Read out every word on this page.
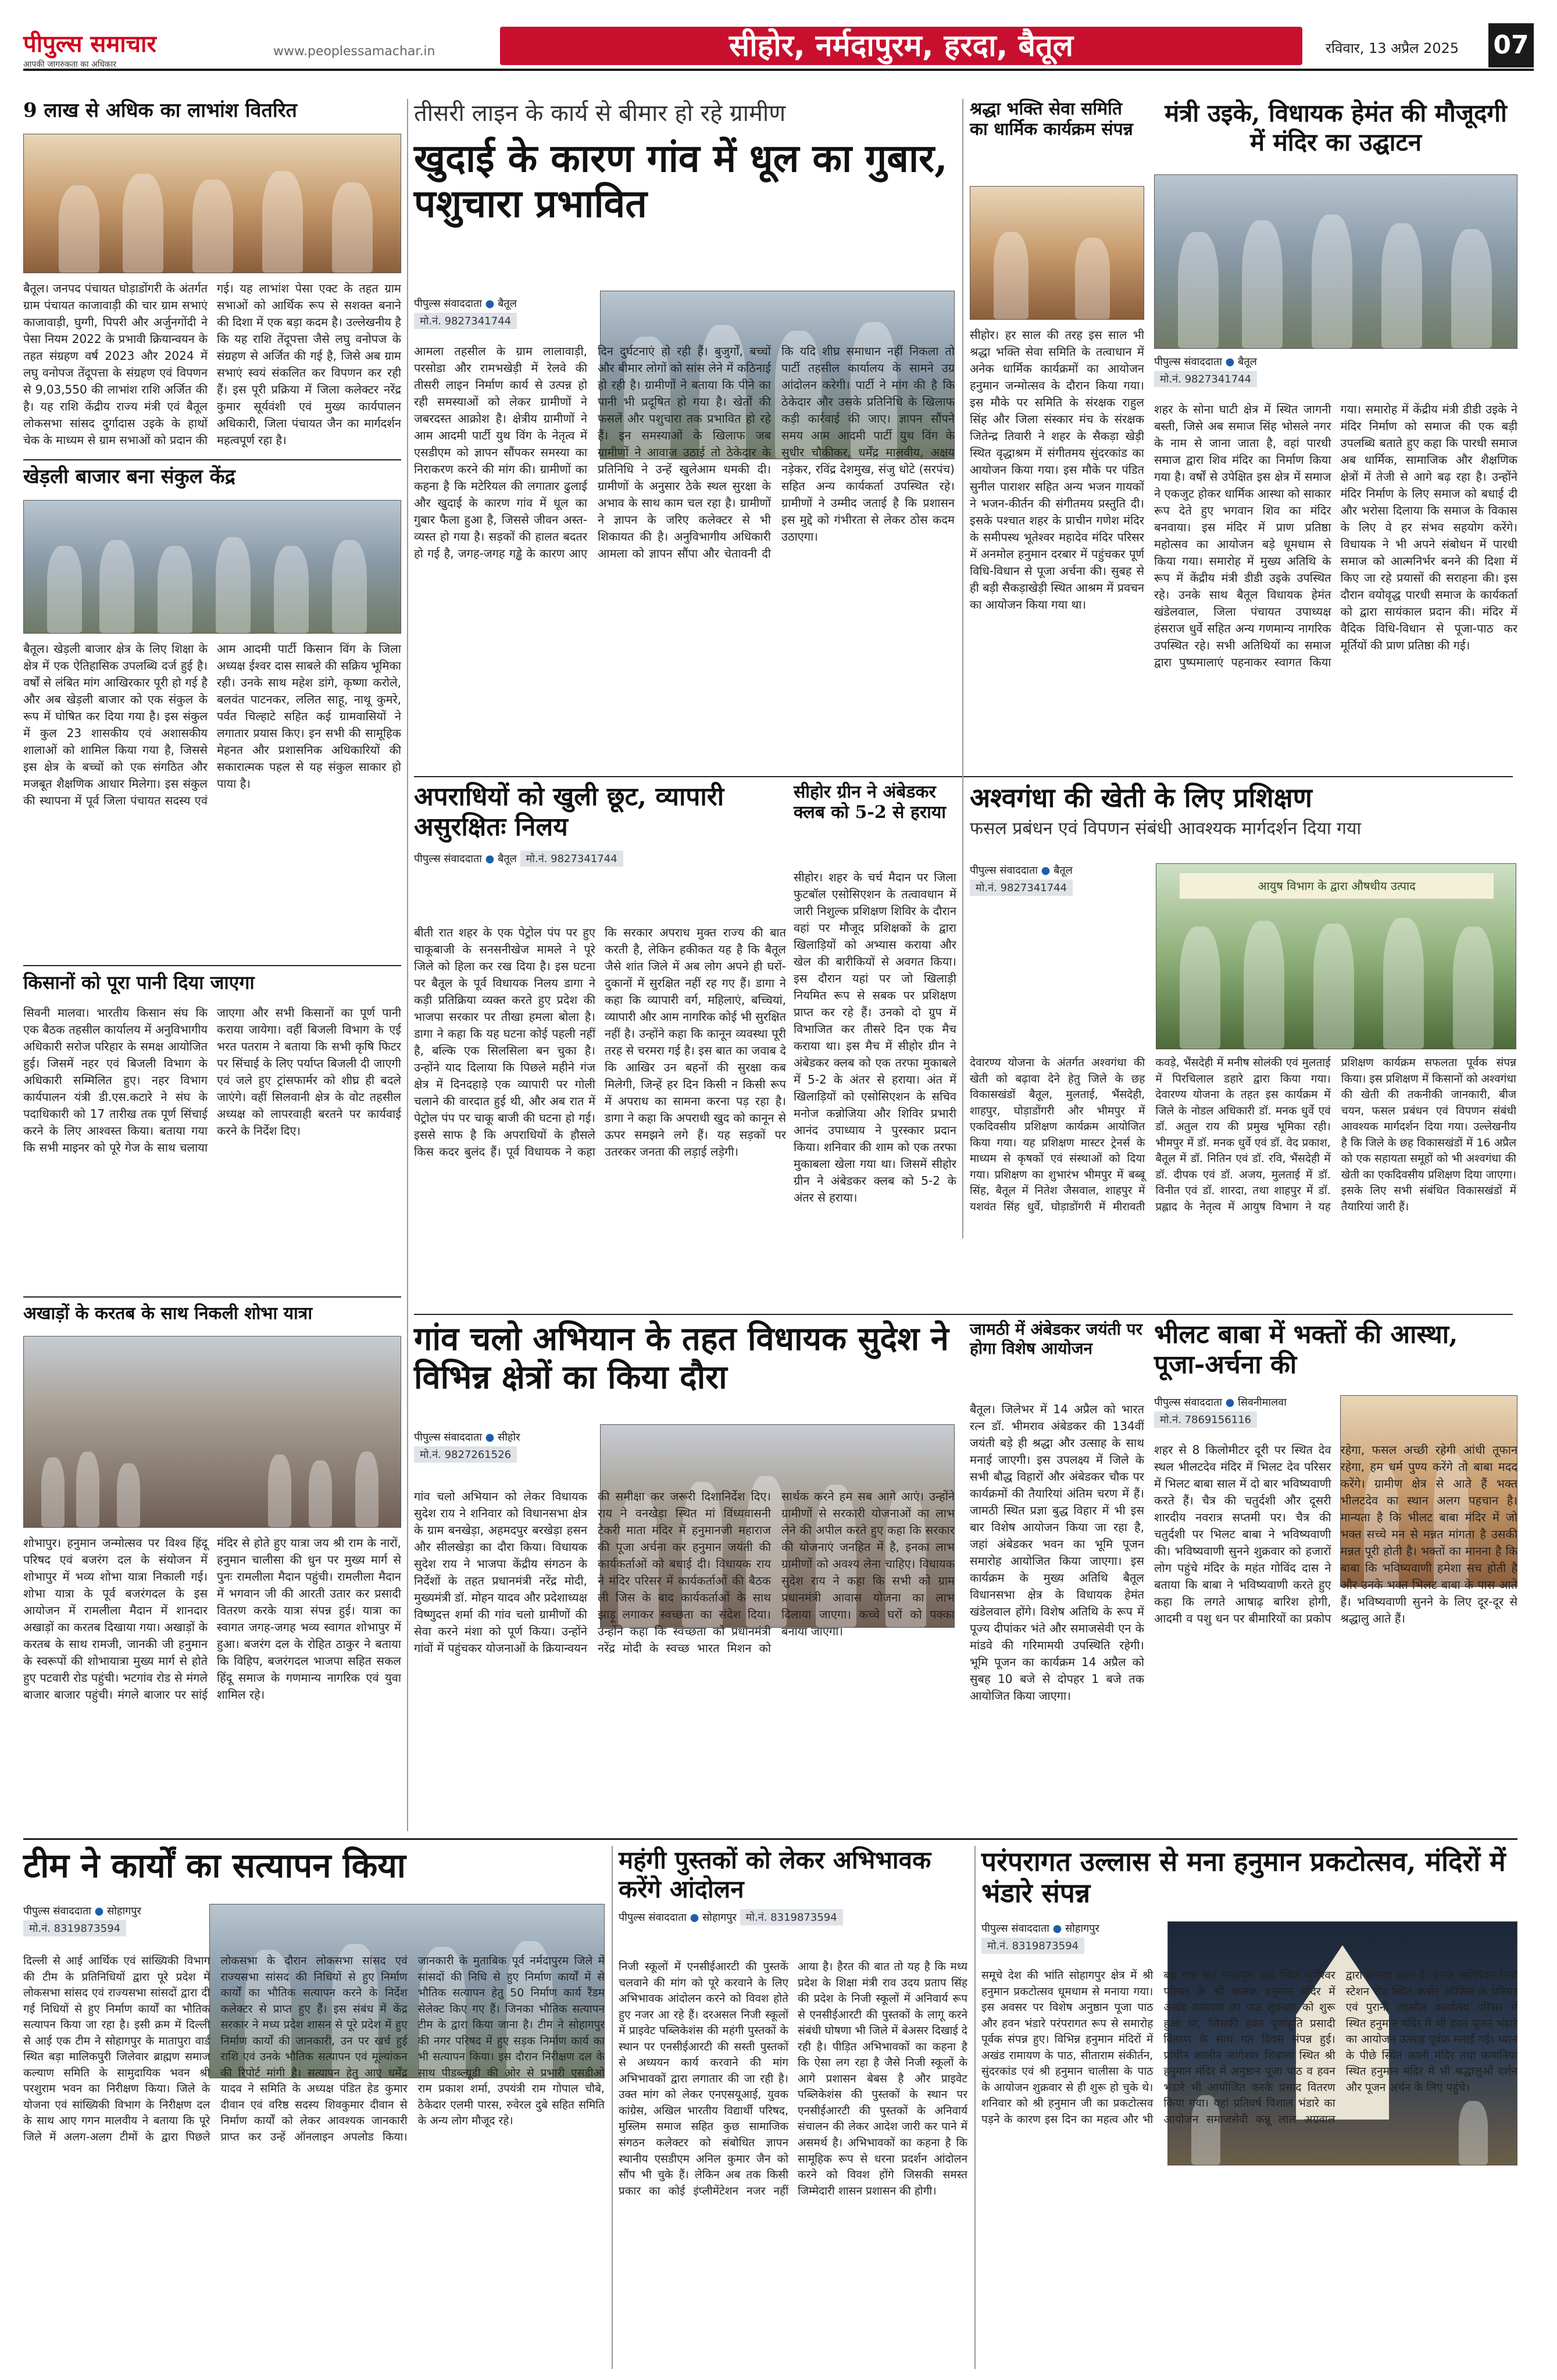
पीपुल्स समाचार
आपकी जागरुकता का अधिकार
www.peoplessamachar.in	सीहोर, नर्मदापुरम, हरदा, बैतूल	रविवार, 13 अप्रैल 2025 07
9 लाख से अधिक का लाभांश वितरित
बैतूल। जनपद पंचायत घोड़ाडोंगरी के अंतर्गत ग्राम पंचायत काजावाड़ी की चार ग्राम सभाएं काजावाड़ी, घुग्गी, पिपरी और अर्जुनगोंदी ने पेसा नियम 2022 के प्रभावी क्रियान्वयन के तहत संग्रहण वर्ष 2023 और 2024 में लघु वनोपज तेंदूपत्ता के संग्रहण एवं विपणन से 9,03,550 की लाभांश राशि अर्जित की है। यह राशि केंद्रीय राज्य मंत्री एवं बैतूल लोकसभा सांसद दुर्गादास उइके के हाथों चेक के माध्यम से ग्राम सभाओं को प्रदान की गई। यह लाभांश पेसा एक्ट के तहत ग्राम सभाओं को आर्थिक रूप से सशक्त बनाने की दिशा में एक बड़ा कदम है। उल्लेखनीय है कि यह राशि तेंदूपत्ता जैसे लघु वनोपज के संग्रहण से अर्जित की गई है, जिसे अब ग्राम सभाएं स्वयं संकलित कर विपणन कर रही हैं। इस पूरी प्रक्रिया में जिला कलेक्टर नरेंद्र कुमार सूर्यवंशी एवं मुख्य कार्यपालन अधिकारी, जिला पंचायत जैन का मार्गदर्शन महत्वपूर्ण रहा है।
खेड़ली बाजार बना संकुल केंद्र
बैतूल। खेड़ली बाजार क्षेत्र के लिए शिक्षा के क्षेत्र में एक ऐतिहासिक उपलब्धि दर्ज हुई है। वर्षों से लंबित मांग आखिरकार पूरी हो गई है और अब खेड़ली बाजार को एक संकुल के रूप में घोषित कर दिया गया है। इस संकुल में कुल 23 शासकीय एवं अशासकीय शालाओं को शामिल किया गया है, जिससे इस क्षेत्र के बच्चों को एक संगठित और मजबूत शैक्षणिक आधार मिलेगा। इस संकुल की स्थापना में पूर्व जिला पंचायत सदस्य एवं आम आदमी पार्टी किसान विंग के जिला अध्यक्ष ईश्वर दास साबले की सक्रिय भूमिका रही। उनके साथ महेश डांगे, कृष्णा करोले, बलवंत पाटनकर, ललित साहू, नाथू कुमरे, पर्वत चिल्हाटे सहित कई ग्रामवासियों ने लगातार प्रयास किए। इन सभी की सामूहिक मेहनत और प्रशासनिक अधिकारियों की सकारात्मक पहल से यह संकुल साकार हो पाया है।
किसानों को पूरा पानी दिया जाएगा
सिवनी मालवा। भारतीय किसान संघ कि एक बैठक तहसील कार्यालय में अनुविभागीय अधिकारी सरोज परिहार के समक्ष आयोजित हुई। जिसमें नहर एवं बिजली विभाग के अधिकारी सम्मिलित हुए। नहर विभाग कार्यपालन यंत्री डी.एस.कटारे ने संघ के पदाधिकारी को 17 तारीख तक पूर्ण सिंचाई करने के लिए आश्वस्त किया। बताया गया कि सभी माइनर को पूरे गेज के साथ चलाया जाएगा और सभी किसानों का पूर्ण पानी कराया जायेगा। वहीं बिजली विभाग के एई भरत पतराम ने बताया कि सभी कृषि फिटर पर सिंचाई के लिए पर्याप्त बिजली दी जाएगी एवं जले हुए ट्रांसफार्मर को शीघ्र ही बदले जाएंगे। वहीं सिलवानी क्षेत्र के वोट तहसील अध्यक्ष को लापरवाही बरतने पर कार्यवाई करने के निर्देश दिए।
अखाड़ों के करतब के साथ निकली शोभा यात्रा
शोभापुर। हनुमान जन्मोत्सव पर विश्व हिंदू परिषद एवं बजरंग दल के संयोजन में शोभापुर में भव्य शोभा यात्रा निकाली गई। शोभा यात्रा के पूर्व बजरंगदल के इस आयोजन में रामलीला मैदान में शानदार अखाड़ों का करतब दिखाया गया। अखाड़ों के करतब के साथ रामजी, जानकी जी हनुमान के स्वरूपों की शोभायात्रा मुख्य मार्ग से होते हुए पटवारी रोड पहुंची। भटगांव रोड से मंगले बाजार बाजार पहुंची। मंगले बाजार पर सांई मंदिर से होते हुए यात्रा जय श्री राम के नारों, हनुमान चालीसा की धुन पर मुख्य मार्ग से पुनः रामलीला मैदान पहुंची। रामलीला मैदान में भगवान जी की आरती उतार कर प्रसादी वितरण करके यात्रा संपन्न हुई। यात्रा का स्वागत जगह-जगह भव्य स्वागत शोभापुर में हुआ। बजरंग दल के रोहित ठाकुर ने बताया कि विहिप, बजरंगदल भाजपा सहित सकल हिंदू समाज के गणमान्य नागरिक एवं युवा शामिल रहे।
तीसरी लाइन के कार्य से बीमार हो रहे ग्रामीण
खुदाई के कारण गांव में धूल का गुबार, पशुचारा प्रभावित
पीपुल्स संवाददाता ● बैतूल मो.नं. 9827341744
आमला तहसील के ग्राम लालावाड़ी, परसोडा और रामभखेड़ी में रेलवे की तीसरी लाइन निर्माण कार्य से उत्पन्न हो रही समस्याओं को लेकर ग्रामीणों ने जबरदस्त आक्रोश है। क्षेत्रीय ग्रामीणों ने आम आदमी पार्टी युथ विंग के नेतृत्व में एसडीएम को ज्ञापन सौंपकर समस्या का निराकरण करने की मांग की। ग्रामीणों का कहना है कि मटेरियल की लगातार ढुलाई और खुदाई के कारण गांव में धूल का गुबार फैला हुआ है, जिससे जीवन अस्त-व्यस्त हो गया है। सड़कों की हालत बदतर हो गई है, जगह-जगह गड्ढे के कारण आए दिन दुर्घटनाएं हो रही हैं। बुजुर्गों, बच्चों और बीमार लोगों को सांस लेने में कठिनाई हो रही है। ग्रामीणों ने बताया कि पीने का पानी भी प्रदूषित हो गया है। खेतों की फसलें और पशुचारा तक प्रभावित हो रहे हैं। इन समस्याओं के खिलाफ जब ग्रामीणों ने आवाज उठाई तो ठेकेदार के प्रतिनिधि ने उन्हें खुलेआम धमकी दी। ग्रामीणों के अनुसार ठेके स्थल सुरक्षा के अभाव के साथ काम चल रहा है। ग्रामीणों ने ज्ञापन के जरिए कलेक्टर से भी शिकायत की है। अनुविभागीय अधिकारी आमला को ज्ञापन सौंपा और चेतावनी दी कि यदि शीघ्र समाधान नहीं निकला तो पार्टी तहसील कार्यालय के सामने उग्र आंदोलन करेगी। पार्टी ने मांग की है कि ठेकेदार और उसके प्रतिनिधि के खिलाफ कड़ी कार्रवाई की जाए। ज्ञापन सौंपने समय आम आदमी पार्टी युथ विंग के सुधीर चौकीकर, धर्मेंद्र मालवीय, अक्षय नड़ेकर, रविंद्र देशमुख, संजु धोटे (सरपंच) सहित अन्य कार्यकर्ता उपस्थित रहे। ग्रामीणों ने उम्मीद जताई है कि प्रशासन इस मुद्दे को गंभीरता से लेकर ठोस कदम उठाएगा।
अपराधियों को खुली छूट, व्यापारी असुरक्षितः निलय
पीपुल्स संवाददाता ● बैतूल मो.नं. 9827341744
बीती रात शहर के एक पेट्रोल पंप पर हुए चाकूबाजी के सनसनीखेज मामले ने पूरे जिले को हिला कर रख दिया है। इस घटना पर बैतूल के पूर्व विधायक निलय डागा ने कड़ी प्रतिक्रिया व्यक्त करते हुए प्रदेश की भाजपा सरकार पर तीखा हमला बोला है। डागा ने कहा कि यह घटना कोई पहली नहीं है, बल्कि एक सिलसिला बन चुका है। उन्होंने याद दिलाया कि पिछले महीने गंज क्षेत्र में दिनदहाड़े एक व्यापारी पर गोली चलाने की वारदात हुई थी, और अब रात में पेट्रोल पंप पर चाकू बाजी की घटना हो गई। इससे साफ है कि अपराधियों के हौसले किस कदर बुलंद हैं। पूर्व विधायक ने कहा कि सरकार अपराध मुक्त राज्य की बात करती है, लेकिन हकीकत यह है कि बैतूल जैसे शांत जिले में अब लोग अपने ही घरों-दुकानों में सुरक्षित नहीं रह गए हैं। डागा ने कहा कि व्यापारी वर्ग, महिलाएं, बच्चियां, व्यापारी और आम नागरिक कोई भी सुरक्षित नहीं है। उन्होंने कहा कि कानून व्यवस्था पूरी तरह से चरमरा गई है। इस बात का जवाब दे कि आखिर उन बहनों की सुरक्षा कब मिलेगी, जिन्हें हर दिन किसी न किसी रूप में अपराध का सामना करना पड़ रहा है। डागा ने कहा कि अपराधी खुद को कानून से ऊपर समझने लगे हैं। यह सड़कों पर उतरकर जनता की लड़ाई लड़ेगी।
सीहोर ग्रीन ने अंबेडकर क्लब को 5-2 से हराया
सीहोर। शहर के चर्च मैदान पर जिला फुटबॉल एसोसिएशन के तत्वावधान में जारी निशुल्क प्रशिक्षण शिविर के दौरान वहां पर मौजूद प्रशिक्षकों के द्वारा खिलाड़ियों को अभ्यास कराया और खेल की बारीकियों से अवगत किया। इस दौरान यहां पर जो खिलाड़ी नियमित रूप से सबक पर प्रशिक्षण प्राप्त कर रहे हैं। उनको दो ग्रुप में विभाजित कर तीसरे दिन एक मैच कराया था। इस मैच में सीहोर ग्रीन ने अंबेडकर क्लब को एक तरफा मुकाबले में 5-2 के अंतर से हराया। अंत में खिलाड़ियों को एसोसिएशन के सचिव मनोज कन्नोजिया और शिविर प्रभारी आनंद उपाध्याय ने पुरस्कार प्रदान किया। शनिवार की शाम को एक तरफा मुकाबला खेला गया था। जिसमें सीहोर ग्रीन ने अंबेडकर क्लब को 5-2 के अंतर से हराया।
श्रद्धा भक्ति सेवा समिति का धार्मिक कार्यक्रम संपन्न
सीहोर। हर साल की तरह इस साल भी श्रद्धा भक्ति सेवा समिति के तत्वाधान में अनेक धार्मिक कार्यक्रमों का आयोजन हनुमान जन्मोत्सव के दौरान किया गया। इस मौके पर समिति के संरक्षक राहुल सिंह और जिला संस्कार मंच के संरक्षक जितेन्द्र तिवारी ने शहर के सैकड़ा खेड़ी स्थित वृद्धाश्रम में संगीतमय सुंदरकांड का आयोजन किया गया। इस मौके पर पंडित सुनील पाराशर सहित अन्य भजन गायकों ने भजन-कीर्तन की संगीतमय प्रस्तुति दी। इसके पश्चात शहर के प्राचीन गणेश मंदिर के समीपस्थ भूतेश्वर महादेव मंदिर परिसर में अनमोल हनुमान दरबार में पहुंचकर पूर्ण विधि-विधान से पूजा अर्चना की। सुबह से ही बड़ी सैकड़ाखेड़ी स्थित आश्रम में प्रवचन का आयोजन किया गया था।
मंत्री उइके, विधायक हेमंत की मौजूदगी में मंदिर का उद्घाटन
पीपुल्स संवाददाता ● बैतूल मो.नं. 9827341744
शहर के सोना घाटी क्षेत्र में स्थित जागनी बस्ती, जिसे अब समाज सिंह भोसले नगर के नाम से जाना जाता है, वहां पारधी समाज द्वारा शिव मंदिर का निर्माण किया गया है। वर्षों से उपेक्षित इस क्षेत्र में समाज ने एकजुट होकर धार्मिक आस्था को साकार रूप देते हुए भगवान शिव का मंदिर बनवाया। इस मंदिर में प्राण प्रतिष्ठा महोत्सव का आयोजन बड़े धूमधाम से किया गया। समारोह में मुख्य अतिथि के रूप में केंद्रीय मंत्री डीडी उइके उपस्थित रहे। उनके साथ बैतूल विधायक हेमंत खंडेलवाल, जिला पंचायत उपाध्यक्ष हंसराज धुर्वे सहित अन्य गणमान्य नागरिक उपस्थित रहे। सभी अतिथियों का समाज द्वारा पुष्पमालाएं पहनाकर स्वागत किया गया। समारोह में केंद्रीय मंत्री डीडी उइके ने मंदिर निर्माण को समाज की एक बड़ी उपलब्धि बताते हुए कहा कि पारधी समाज अब धार्मिक, सामाजिक और शैक्षणिक क्षेत्रों में तेजी से आगे बढ़ रहा है। उन्होंने मंदिर निर्माण के लिए समाज को बधाई दी और भरोसा दिलाया कि समाज के विकास के लिए वे हर संभव सहयोग करेंगे। विधायक ने भी अपने संबोधन में पारधी समाज को आत्मनिर्भर बनने की दिशा में किए जा रहे प्रयासों की सराहना की। इस दौरान वयोवृद्ध पारधी समाज के कार्यकर्ता को द्वारा सायंकाल प्रदान की। मंदिर में वैदिक विधि-विधान से पूजा-पाठ कर मूर्तियों की प्राण प्रतिष्ठा की गई।
अश्वगंधा की खेती के लिए प्रशिक्षण
फसल प्रबंधन एवं विपणन संबंधी आवश्यक मार्गदर्शन दिया गया
पीपुल्स संवाददाता ● बैतूल मो.नं. 9827341744	आयुष विभाग के द्वारा औषधीय उत्पाद
देवारण्य योजना के अंतर्गत अश्वगंधा की खेती को बढ़ावा देने हेतु जिले के छह विकासखंडों बैतूल, मुलताई, भैंसदेही, शाहपुर, घोड़ाडोंगरी और भीमपुर में एकदिवसीय प्रशिक्षण कार्यक्रम आयोजित किया गया। यह प्रशिक्षण मास्टर ट्रेनर्स के माध्यम से कृषकों एवं संस्थाओं को दिया गया। प्रशिक्षण का शुभारंभ भीमपुर में बब्बू सिंह, बैतूल में नितेश जैसवाल, शाहपुर में यशवंत सिंह धुर्वे, घोड़ाडोंगरी में मीरावती कवड़े, भैंसदेही में मनीष सोलंकी एवं मुलताई में पिरचिलाल डहारे द्वारा किया गया। देवारण्य योजना के तहत इस कार्यक्रम में जिले के नोडल अधिकारी डॉ. मनक धुर्वे एवं डॉ. अतुल राय की प्रमुख भूमिका रही। भीमपुर में डॉ. मनक धुर्वे एवं डॉ. वेद प्रकाश, बैतूल में डॉ. नितिन एवं डॉ. रवि, भैंसदेही में डॉ. दीपक एवं डॉ. अजय, मुलताई में डॉ. विनीत एवं डॉ. शारदा, तथा शाहपुर में डॉ. प्रह्लाद के नेतृत्व में आयुष विभाग ने यह प्रशिक्षण कार्यक्रम सफलता पूर्वक संपन्न किया। इस प्रशिक्षण में किसानों को अश्वगंधा की खेती की तकनीकी जानकारी, बीज चयन, फसल प्रबंधन एवं विपणन संबंधी आवश्यक मार्गदर्शन दिया गया। उल्लेखनीय है कि जिले के छह विकासखंडों में 16 अप्रैल को एक सहायता समूहों को भी अश्वगंधा की खेती का एकदिवसीय प्रशिक्षण दिया जाएगा। इसके लिए सभी संबंधित विकासखंडों में तैयारियां जारी हैं।
गांव चलो अभियान के तहत विधायक सुदेश ने विभिन्न क्षेत्रों का किया दौरा
पीपुल्स संवाददाता ● सीहोर मो.नं. 9827261526
गांव चलो अभियान को लेकर विधायक सुदेश राय ने शनिवार को विधानसभा क्षेत्र के ग्राम बनखेड़ा, अहमदपुर बरखेड़ा हसन और सीलखेड़ा का दौरा किया। विधायक सुदेश राय ने भाजपा केंद्रीय संगठन के निर्देशों के तहत प्रधानमंत्री नरेंद्र मोदी, मुख्यमंत्री डॉ. मोहन यादव और प्रदेशाध्यक्ष विष्णुदत्त शर्मा की गांव चलो ग्रामीणों की सेवा करने मंशा को पूर्ण किया। उन्होंने गांवों में पहुंचकर योजनाओं के क्रियान्वयन की समीक्षा कर जरूरी दिशानिर्देश दिए। राय ने वनखेड़ा स्थित मां विंध्यवासनी टेकरी माता मंदिर में हनुमानजी महाराज की पूजा अर्चना कर हनुमान जयंती की कार्यकर्ताओं को बधाई दी। विधायक राय ने मंदिर परिसर में कार्यकर्ताओं की बैठक ली जिस के बाद कार्यकर्ताओं के साथ झाड़ू लगाकर स्वच्छता का संदेश दिया। उन्होंने कहा कि स्वच्छता को प्रधानमंत्री नरेंद्र मोदी के स्वच्छ भारत मिशन को सार्थक करने हम सब आगे आएं। उन्होंने ग्रामीणों से सरकारी योजनाओं का लाभ लेने की अपील करते हुए कहा कि सरकार की योजनाएं जनहित में है, इनका लाभ ग्रामीणों को अवश्य लेना चाहिए। विधायक सुदेश राय ने कहा कि सभी को ग्राम प्रधानमंत्री आवास योजना का लाभ दिलाया जाएगा। कच्चे घरों को पक्का बनाया जाएगा।
जामठी में अंबेडकर जयंती पर होगा विशेष आयोजन
बैतूल। जिलेभर में 14 अप्रैल को भारत रत्न डॉ. भीमराव अंबेडकर की 134वीं जयंती बड़े ही श्रद्धा और उत्साह के साथ मनाई जाएगी। इस उपलक्ष्य में जिले के सभी बौद्ध विहारों और अंबेडकर चौक पर कार्यक्रमों की तैयारियां अंतिम चरण में हैं। जामठी स्थित प्रज्ञा बुद्ध विहार में भी इस बार विशेष आयोजन किया जा रहा है, जहां अंबेडकर भवन का भूमि पूजन समारोह आयोजित किया जाएगा। इस कार्यक्रम के मुख्य अतिथि बैतूल विधानसभा क्षेत्र के विधायक हेमंत खंडेलवाल होंगे। विशेष अतिथि के रूप में पूज्य दीपांकर भंते और समाजसेवी एन के मांडवे की गरिमामयी उपस्थिति रहेगी। भूमि पूजन का कार्यक्रम 14 अप्रैल को सुबह 10 बजे से दोपहर 1 बजे तक आयोजित किया जाएगा।
भीलट बाबा में भक्तों की आस्था, पूजा-अर्चना की
पीपुल्स संवाददाता ● सिवनीमालवा मो.नं. 7869156116
शहर से 8 किलोमीटर दूरी पर स्थित देव स्थल भीलटदेव मंदिर में भिलट देव परिसर में भिलट बाबा साल में दो बार भविष्यवाणी करते हैं। चैत्र की चतुर्दशी और दूसरी शारदीय नवरात्र सप्तमी पर। चैत्र की चतुर्दशी पर भिलट बाबा ने भविष्यवाणी की। भविष्यवाणी सुनने शुक्रवार को हजारों लोग पहुंचे मंदिर के महंत गोविंद दास ने बताया कि बाबा ने भविष्यवाणी करते हुए कहा कि लगते आषाढ़ बारिश होगी, आदमी व पशु धन पर बीमारियों का प्रकोप रहेगा, फसल अच्छी रहेगी आंधी तूफान रहेगा, हम धर्म पुण्य करेंगे तो बाबा मदद करेंगे। ग्रामीण क्षेत्र से आते हैं भक्त भीलटदेव का स्थान अलग पहचान है। मान्यता है कि भीलट बाबा मंदिर में जो भक्त सच्चे मन से मन्नत मांगता है उसकी मन्नत पूरी होती है। भक्तों का मानना है कि बाबा कि भविष्यवाणी हमेशा सच होती है और उनके भक्त भिलट बाबा के पास आते हैं। भविष्यवाणी सुनने के लिए दूर-दूर से श्रद्धालु आते हैं।
टीम ने कार्यों का सत्यापन किया
पीपुल्स संवाददाता ● सोहागपुर मो.नं. 8319873594
दिल्ली से आई आर्थिक एवं सांख्यिकी विभाग की टीम के प्रतिनिधियों द्वारा पूरे प्रदेश में लोकसभा सांसद एवं राज्यसभा सांसदों द्वारा दी गई निधियों से हुए निर्माण कार्यों का भौतिक सत्यापन किया जा रहा है। इसी क्रम में दिल्ली से आई एक टीम ने सोहागपुर के मातापुरा वार्ड स्थित बड़ा मालिकपुरी जिलेवार ब्राह्मण समाज कल्याण समिति के सामुदायिक भवन श्री परशुराम भवन का निरीक्षण किया। जिले के योजना एवं सांख्यिकी विभाग के निरीक्षण दल के साथ आए गगन मालवीय ने बताया कि पूरे जिले में अलग-अलग टीमों के द्वारा पिछले लोकसभा के दौरान लोकसभा सांसद एवं राज्यसभा सांसद की निधियों से हुए निर्माण कार्यों का भौतिक सत्यापन करने के निर्देश कलेक्टर से प्राप्त हुए हैं। इस संबंध में केंद्र सरकार ने मध्य प्रदेश शासन से पूरे प्रदेश में हुए निर्माण कार्यों की जानकारी, उन पर खर्च हुई राशि एवं उनके भौतिक सत्यापन एवं मूल्यांकन की रिपोर्ट मांगी है। सत्यापन हेतु आए धर्मेंद्र यादव ने समिति के अध्यक्ष पंडित हेड कुमार दीवान एवं वरिष्ठ सदस्य शिवकुमार दीवान से निर्माण कार्यों को लेकर आवश्यक जानकारी प्राप्त कर उन्हें ऑनलाइन अपलोड किया। जानकारी के मुताबिक पूर्व नर्मदापुरम जिले में सांसदों की निधि से हुए निर्माण कार्यों में से भौतिक सत्यापन हेतु 50 निर्माण कार्य रैंडम सेलेक्ट किए गए हैं। जिनका भौतिक सत्यापन टीम के द्वारा किया जाना है। टीम ने सोहागपुर की नगर परिषद में हुए सड़क निर्माण कार्य का भी सत्यापन किया। इस दौरान निरीक्षण दल के साथ पीडब्ल्यूडी की ओर से प्रभारी एसडीओ राम प्रकाश शर्मा, उपयंत्री राम गोपाल चौबे, ठेकेदार एलमी पारस, रुवेरल दुबे सहित समिति के अन्य लोग मौजूद रहे।
महंगी पुस्तकों को लेकर अभिभावक करेंगे आंदोलन
पीपुल्स संवाददाता ● सोहागपुर मो.नं. 8319873594
निजी स्कूलों में एनसीईआरटी की पुस्तकें चलवाने की मांग को पूरे करवाने के लिए अभिभावक आंदोलन करने को विवश होते हुए नजर आ रहे हैं। दरअसल निजी स्कूलों में प्राइवेट पब्लिकेशंस की महंगी पुस्तकों के स्थान पर एनसीईआरटी की सस्ती पुस्तकों से अध्ययन कार्य करवाने की मांग अभिभावकों द्वारा लगातार की जा रही है। उक्त मांग को लेकर एनएसयूआई, युवक कांग्रेस, अखिल भारतीय विद्यार्थी परिषद, मुस्लिम समाज सहित कुछ सामाजिक संगठन कलेक्टर को संबोधित ज्ञापन स्थानीय एसडीएम अनिल कुमार जैन को सौंप भी चुके हैं। लेकिन अब तक किसी प्रकार का कोई इंप्लीमेंटेशन नजर नहीं आया है। हैरत की बात तो यह है कि मध्य प्रदेश के शिक्षा मंत्री राव उदय प्रताप सिंह की प्रदेश के निजी स्कूलों में अनिवार्य रूप से एनसीईआरटी की पुस्तकों के लागू करने संबंधी घोषणा भी जिले में बेअसर दिखाई दे रही है। पीड़ित अभिभावकों का कहना है कि ऐसा लग रहा है जैसे निजी स्कूलों के आगे प्रशासन बेबस है और प्राइवेट पब्लिकेशंस की पुस्तकों के स्थान पर एनसीईआरटी की पुस्तकों के अनिवार्य संचालन की लेकर आदेश जारी कर पाने में असमर्थ है। अभिभावकों का कहना है कि सामूहिक रूप से धरना प्रदर्शन आंदोलन करने को विवश होंगे जिसकी समस्त जिम्मेदारी शासन प्रशासन की होगी।
परंपरागत उल्लास से मना हनुमान प्रकटोत्सव, मंदिरों में भंडारे संपन्न
पीपुल्स संवाददाता ● सोहागपुर मो.नं. 8319873594
समूचे देश की भांति सोहागपुर क्षेत्र में श्री हनुमान प्रकटोत्सव धूमधाम से मनाया गया। इस अवसर पर विशेष अनुष्ठान पूजा पाठ और हवन भंडारे परंपरागत रूप से समारोह पूर्वक संपन्न हुए। विभिन्न हनुमान मंदिरों में अखंड रामायण के पाठ, सीताराम संकीर्तन, सुंदरकांड एवं श्री हनुमान चालीसा के पाठ के आयोजन शुक्रवार से ही शुरू हो चुके थे। शनिवार को श्री हनुमान जी का प्रकटोत्सव पड़ने के कारण इस दिन का महत्व और भी बढ़ गया था। मातापुरा वार्ड स्थित पुर्णेश्वर परिसर के श्री बालक हनुमान मंदिर में अखंड रामायण का पाठ शुक्रवार को शुरू हुआ था, जिसकी हवन पूर्णाहुति प्रसादी वितरण के साथ गत दिवस संपन्न हुई। प्राचीन कालीन जागेश्वर शिवाला स्थित श्री हनुमान मंदिर में अनुष्ठान पूजा पाठ व हवन भंडारे भी आयोजित करके प्रसाद वितरण किया गया। यहां प्रतिवर्ष विशाल भंडारे का आयोजन समाजसेवी कन्नू लाल अग्रवाल द्वारा कराया जाता है। इसके अतिरिक्त रेलवे स्टेशन रोड स्थित कबीर ऑफिस के परिसर एवं पुरानी तहसील कार्यालय परिसर में स्थित हनुमान मंदिर में भी हवन पूजन भंडारे का आयोजन उत्साह पूर्वक मनाई गई। ध्यान के पीछे स्थित काली मंदिर तथा कमानिया स्थित हनुमान मंदिर में भी श्रद्धालुओं दर्शन और पूजन अर्चन के लिए पहुंचे।
